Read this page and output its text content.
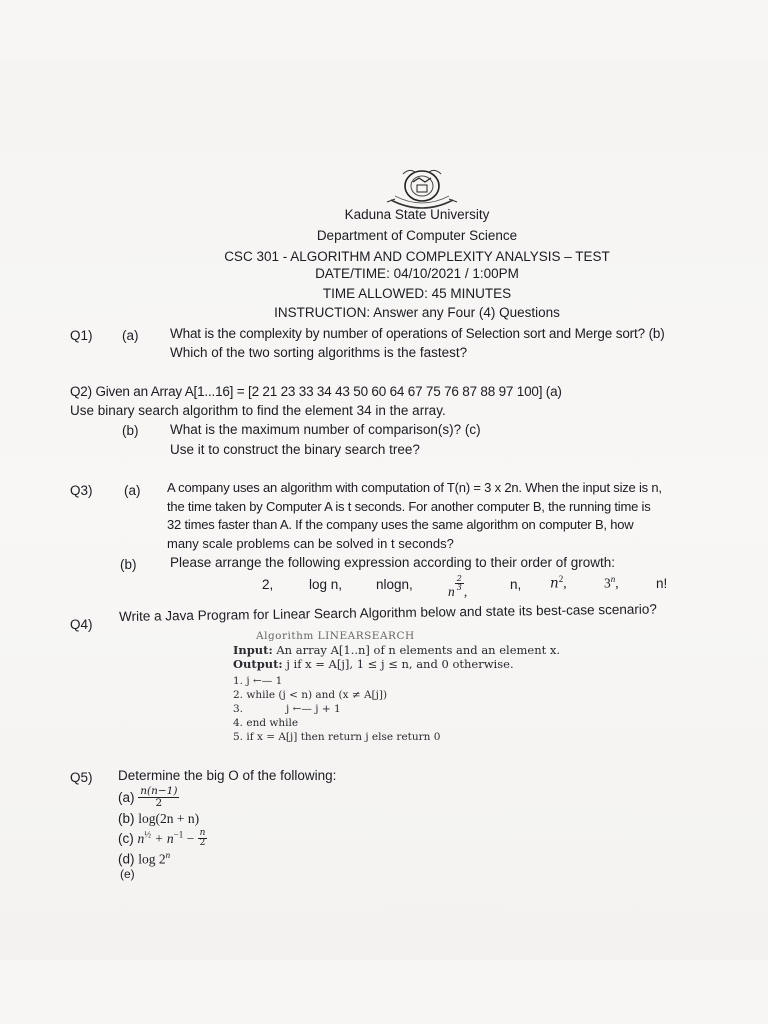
Kaduna State University
Department of Computer Science
CSC 301 - ALGORITHM AND COMPLEXITY ANALYSIS – TEST
DATE/TIME: 04/10/2021 / 1:00PM
TIME ALLOWED: 45 MINUTES
INSTRUCTION: Answer any Four (4) Questions
Q1) (a) What is the complexity by number of operations of Selection sort and Merge sort? (b)
Which of the two sorting algorithms is the fastest?
Q2) Given an Array A[1...16] = [2 21 23 33 34 43 50 60 64 67 75 76 87 88 97 100] (a)
Use binary search algorithm to find the element 34 in the array.
(b) What is the maximum number of comparison(s)? (c)
Use it to construct the binary search tree?
Q3) (a) A company uses an algorithm with computation of T(n) = 3 x 2n. When the input size is n,
the time taken by Computer A is t seconds. For another computer B, the running time is
32 times faster than A. If the company uses the same algorithm on computer B, how
many scale problems can be solved in t seconds?
(b) Please arrange the following expression according to their order of growth:
2,	log n,	nlogn,	n $\frac{2}{3}$ ,	n, $n^2$,	3$^n$,	n!
Q4)
Write a Java Program for Linear Search Algorithm below and state its best-case scenario?
Algorithm LINEARSEARCH
Input: An array A[1..n] of n elements and an element x.
Output: j if x = A[j], 1 ≤ j ≤ n, and 0 otherwise.
1. j ←— 1
2. while (j < n) and (x ≠ A[j])
3.	j ←— j + 1
4. end while
5. if x = A[j] then return j else return 0
Q5) Determine the big O of the following:
$(a) \frac{n(n-1)}{2}$
(b) log(2n + n)
(c) $n^{\frac{1}{2}} + n^{-1} - \frac{n}{2}$
(d) log 2$^n$
(e)
